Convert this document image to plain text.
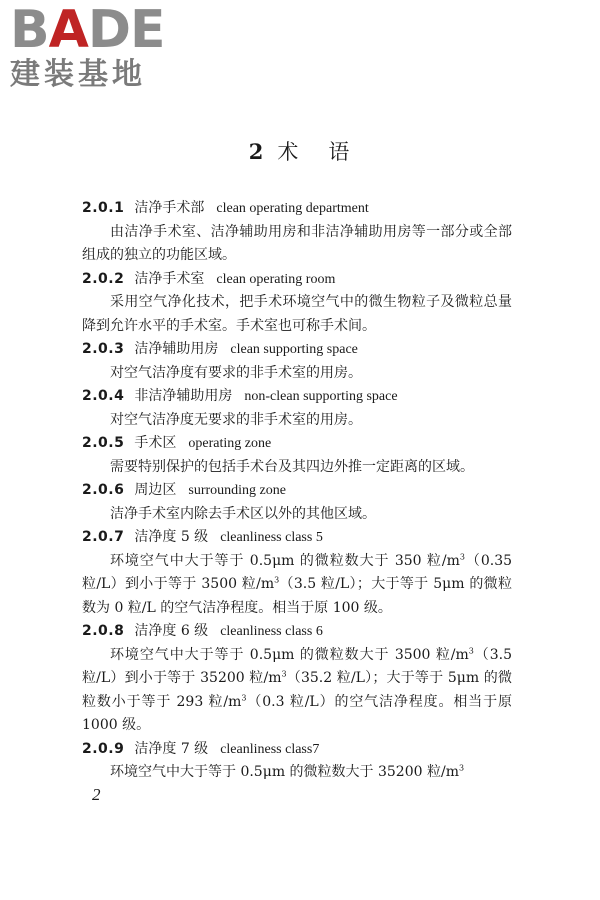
BADE
建装基地
2 术 语
2.0.1 洁净手术部 clean operating department
由洁净手术室、洁净辅助用房和非洁净辅助用房等一部分或全部组成的独立的功能区域。
2.0.2 洁净手术室 clean operating room
采用空气净化技术，把手术环境空气中的微生物粒子及微粒总量降到允许水平的手术室。手术室也可称手术间。
2.0.3 洁净辅助用房 clean supporting space
对空气洁净度有要求的非手术室的用房。
2.0.4 非洁净辅助用房 non-clean supporting space
对空气洁净度无要求的非手术室的用房。
2.0.5 手术区 operating zone
需要特别保护的包括手术台及其四边外推一定距离的区域。
2.0.6 周边区 surrounding zone
洁净手术室内除去手术区以外的其他区域。
2.0.7 洁净度 5 级 cleanliness class 5
环境空气中大于等于 0.5μm 的微粒数大于 350 粒$/m^3(0.35$ 粒/L）到小于等于 3500 粒$/m^3(3.5$ 粒/L）；大于等于 5μm 的微粒数为 0 粒/L 的空气洁净程度。相当于原 100 级。
2.0.8 洁净度 6 级 cleanliness class 6
环境空气中大于等于 0.5μm 的微粒数大于 3500 粒$/m^3(3.5$ 粒/L）到小于等于 35200 粒$/m^3(35.2$ 粒/L）；大于等于 5μm 的微粒数小于等于 293 粒$/m^3(0.3$ 粒/L）的空气洁净程度。相当于原 1000 级。
2.0.9 洁净度 7 级 cleanliness class7
环境空气中大于等于 0.5μm 的微粒数大于 35200 粒$/m^3$
2
